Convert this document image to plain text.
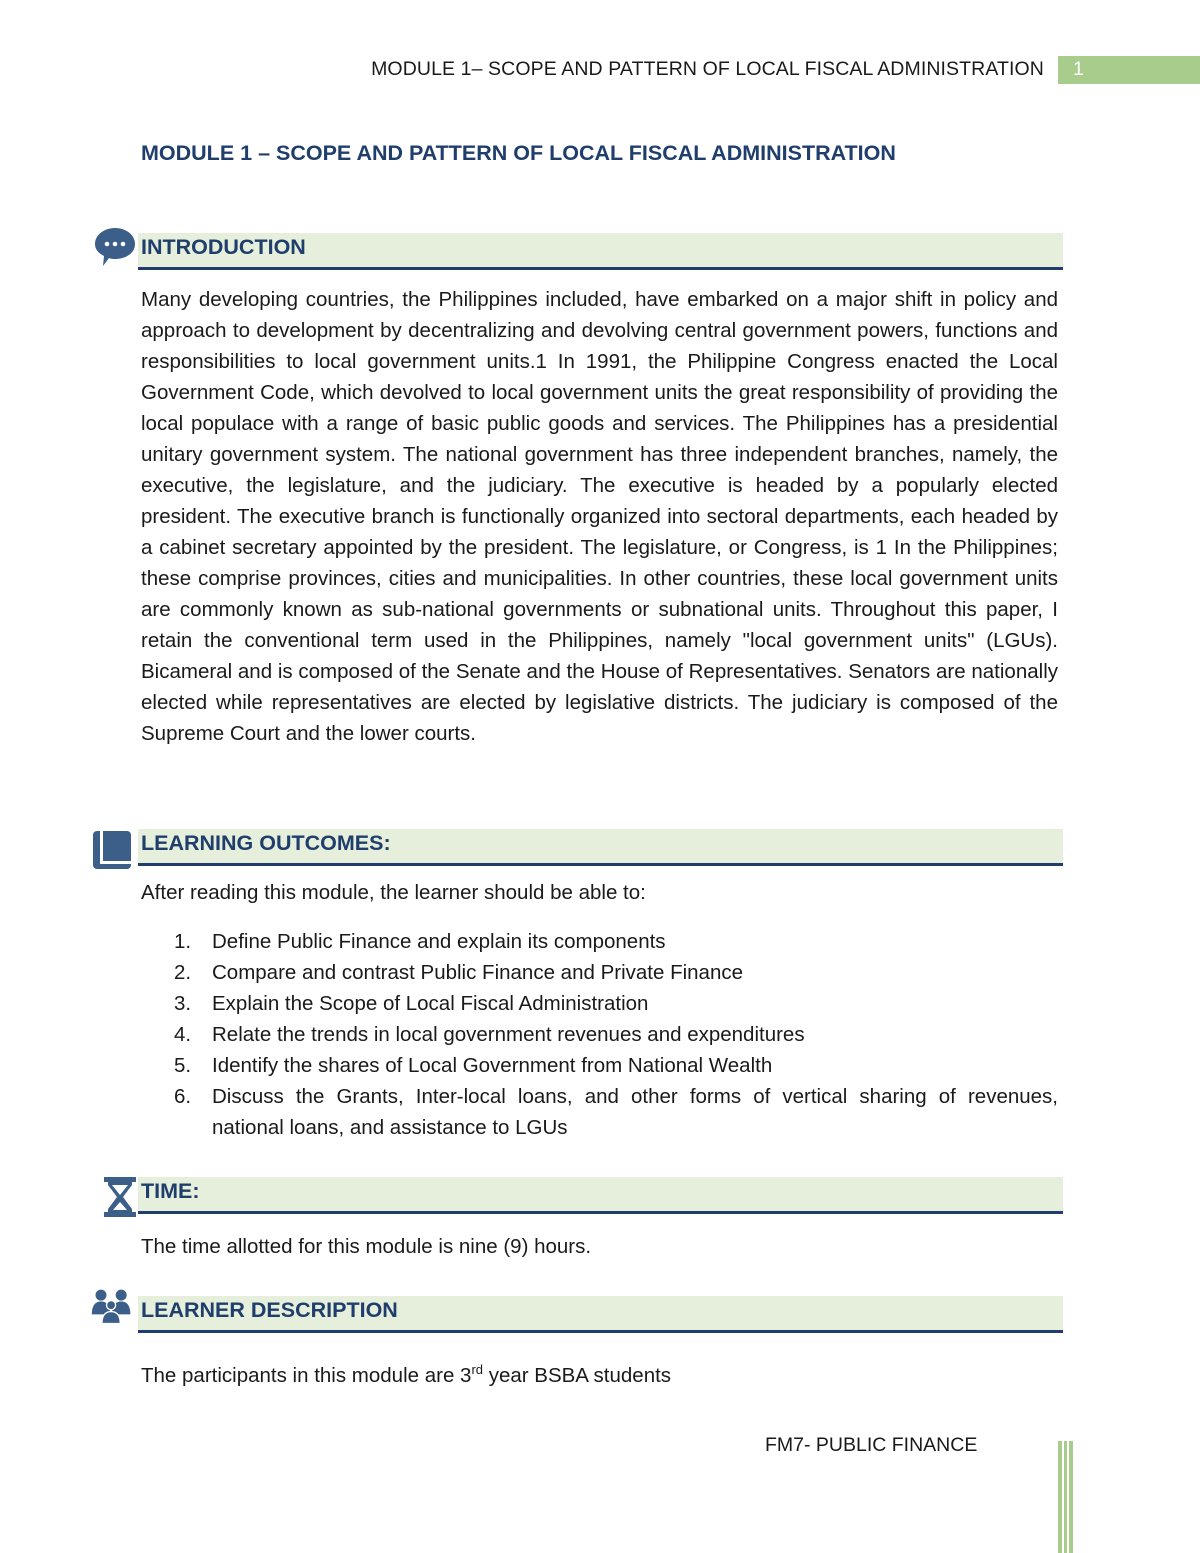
MODULE 1– SCOPE AND PATTERN OF LOCAL FISCAL ADMINISTRATION 1
MODULE 1 – SCOPE AND PATTERN OF LOCAL FISCAL ADMINISTRATION
INTRODUCTION

Many developing countries, the Philippines included, have embarked on a major shift in policy and approach to development by decentralizing and devolving central government powers, functions and responsibilities to local government units.1 In 1991, the Philippine Congress enacted the Local Government Code, which devolved to local government units the great responsibility of providing the local populace with a range of basic public goods and services. The Philippines has a presidential unitary government system. The national government has three independent branches, namely, the executive, the legislature, and the judiciary. The executive is headed by a popularly elected president. The executive branch is functionally organized into sectoral departments, each headed by a cabinet secretary appointed by the president. The legislature, or Congress, is 1 In the Philippines; these comprise provinces, cities and municipalities. In other countries, these local government units are commonly known as sub-national governments or subnational units. Throughout this paper, I retain the conventional term used in the Philippines, namely "local government units" (LGUs). Bicameral and is composed of the Senate and the House of Representatives. Senators are nationally elected while representatives are elected by legislative districts. The judiciary is composed of the Supreme Court and the lower courts.

LEARNING OUTCOMES:
After reading this module, the learner should be able to:
1. Define Public Finance and explain its components
2. Compare and contrast Public Finance and Private Finance
3. Explain the Scope of Local Fiscal Administration
4. Relate the trends in local government revenues and expenditures
5. Identify the shares of Local Government from National Wealth
6. Discuss the Grants, Inter-local loans, and other forms of vertical sharing of revenues, national loans, and assistance to LGUs
TIME:
The time allotted for this module is nine (9) hours.
LEARNER DESCRIPTION
The participants in this module are 3rd year BSBA students
FM7- PUBLIC FINANCE
